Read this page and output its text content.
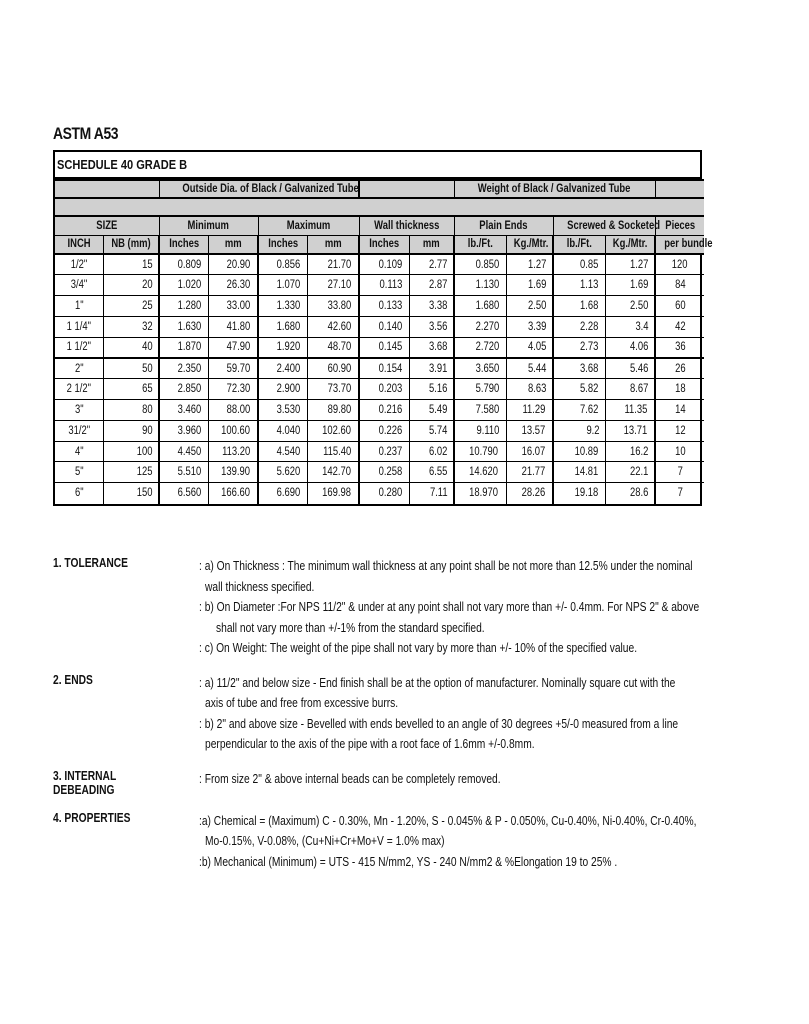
ASTM A53
SCHEDULE 40 GRADE B
		Outside Dia. of Black / Galvanized Tube						Weight of Black / Galvanized Tube				

SIZE		Minimum		Maximum		Wall thickness		Plain Ends		Screwed & Socketed		Pieces
INCH	NB (mm)	Inches	mm	Inches	mm	Inches	mm	lb./Ft.	Kg./Mtr.	lb./Ft.	Kg./Mtr.	per bundle
1/2"	15	0.809	20.90	0.856	21.70	0.109	2.77	0.850	1.27	0.85	1.27	120
3/4"	20	1.020	26.30	1.070	27.10	0.113	2.87	1.130	1.69	1.13	1.69	84
1"	25	1.280	33.00	1.330	33.80	0.133	3.38	1.680	2.50	1.68	2.50	60
1 1/4"	32	1.630	41.80	1.680	42.60	0.140	3.56	2.270	3.39	2.28	3.4	42
1 1/2"	40	1.870	47.90	1.920	48.70	0.145	3.68	2.720	4.05	2.73	4.06	36
2"	50	2.350	59.70	2.400	60.90	0.154	3.91	3.650	5.44	3.68	5.46	26
2 1/2"	65	2.850	72.30	2.900	73.70	0.203	5.16	5.790	8.63	5.82	8.67	18
3"	80	3.460	88.00	3.530	89.80	0.216	5.49	7.580	11.29	7.62	11.35	14
31/2"	90	3.960	100.60	4.040	102.60	0.226	5.74	9.110	13.57	9.2	13.71	12
4"	100	4.450	113.20	4.540	115.40	0.237	6.02	10.790	16.07	10.89	16.2	10
5"	125	5.510	139.90	5.620	142.70	0.258	6.55	14.620	21.77	14.81	22.1	7
6"	150	6.560	166.60	6.690	169.98	0.280	7.11	18.970	28.26	19.18	28.6	7
1. TOLERANCE	: a) On Thickness : The minimum wall thickness at any point shall be not more than 12.5% under the nominal
wall thickness specified.
: b) On Diameter :For NPS 11/2" & under at any point shall not vary more than +/- 0.4mm. For NPS 2" & above
shall not vary more than +/-1% from the standard specified.
: c) On Weight: The weight of the pipe shall not vary by more than +/- 10% of the specified value.
2. ENDS	: a) 11/2" and below size - End finish shall be at the option of manufacturer. Nominally square cut with the
axis of tube and free from excessive burrs.
: b) 2" and above size - Bevelled with ends bevelled to an angle of 30 degrees +5/-0 measured from a line
perpendicular to the axis of the pipe with a root face of 1.6mm +/-0.8mm.
3. INTERNAL DEBEADING
: From size 2" & above internal beads can be completely removed.
4. PROPERTIES	:a) Chemical = (Maximum) C - 0.30%, Mn - 1.20%, S - 0.045% & P - 0.050%, Cu-0.40%, Ni-0.40%, Cr-0.40%,
Mo-0.15%, V-0.08%, (Cu+Ni+Cr+Mo+V = 1.0% max)
:b) Mechanical (Minimum) = UTS - 415 N/mm2, YS - 240 N/mm2 & %Elongation 19 to 25% .
